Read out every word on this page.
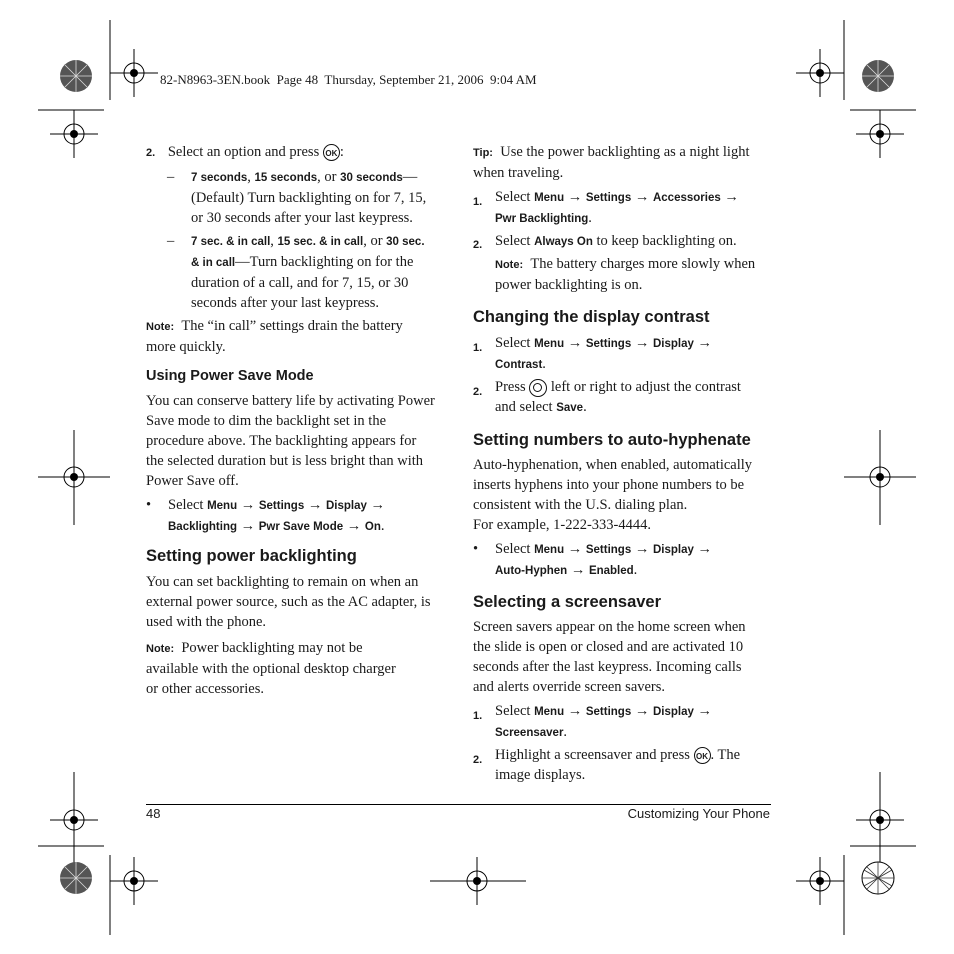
82-N8963-3EN.book  Page 48  Thursday, September 21, 2006  9:04 AM
2. Select an option and press OK :
– 7 seconds, 15 seconds, or 30 seconds—
(Default) Turn backlighting on for 7, 15,
or 30 seconds after your last keypress.
– 7 sec. & in call, 15 sec. & in call, or 30 sec.
& in call—Turn backlighting on for the
duration of a call, and for 7, 15, or 30
seconds after your last keypress.
Note: The “in call” settings drain the battery
more quickly.
Using Power Save Mode
You can conserve battery life by activating Power
Save mode to dim the backlight set in the
procedure above. The backlighting appears for
the selected duration but is less bright than with
Power Save off.
• Select Menu → Settings → Display →
Backlighting → Pwr Save Mode → On.
Setting power backlighting
You can set backlighting to remain on when an
external power source, such as the AC adapter, is
used with the phone.
Note: Power backlighting may not be
available with the optional desktop charger
or other accessories.
Tip: Use the power backlighting as a night light
when traveling.
1. Select Menu → Settings → Accessories →
Pwr Backlighting.
2. Select Always On to keep backlighting on.
Note: The battery charges more slowly when
power backlighting is on.
Changing the display contrast
1. Select Menu → Settings → Display →
Contrast.
2. Press left or right to adjust the contrast
and select Save.
Setting numbers to auto-hyphenate
Auto-hyphenation, when enabled, automatically
inserts hyphens into your phone numbers to be
consistent with the U.S. dialing plan.
For example, 1-222-333-4444.
• Select Menu → Settings → Display →
Auto-Hyphen → Enabled.
Selecting a screensaver
Screen savers appear on the home screen when
the slide is open or closed and are activated 10
seconds after the last keypress. Incoming calls
and alerts override screen savers.
1. Select Menu → Settings → Display →
Screensaver.
2. Highlight a screensaver and press OK . The
image displays.
48	Customizing Your Phone
